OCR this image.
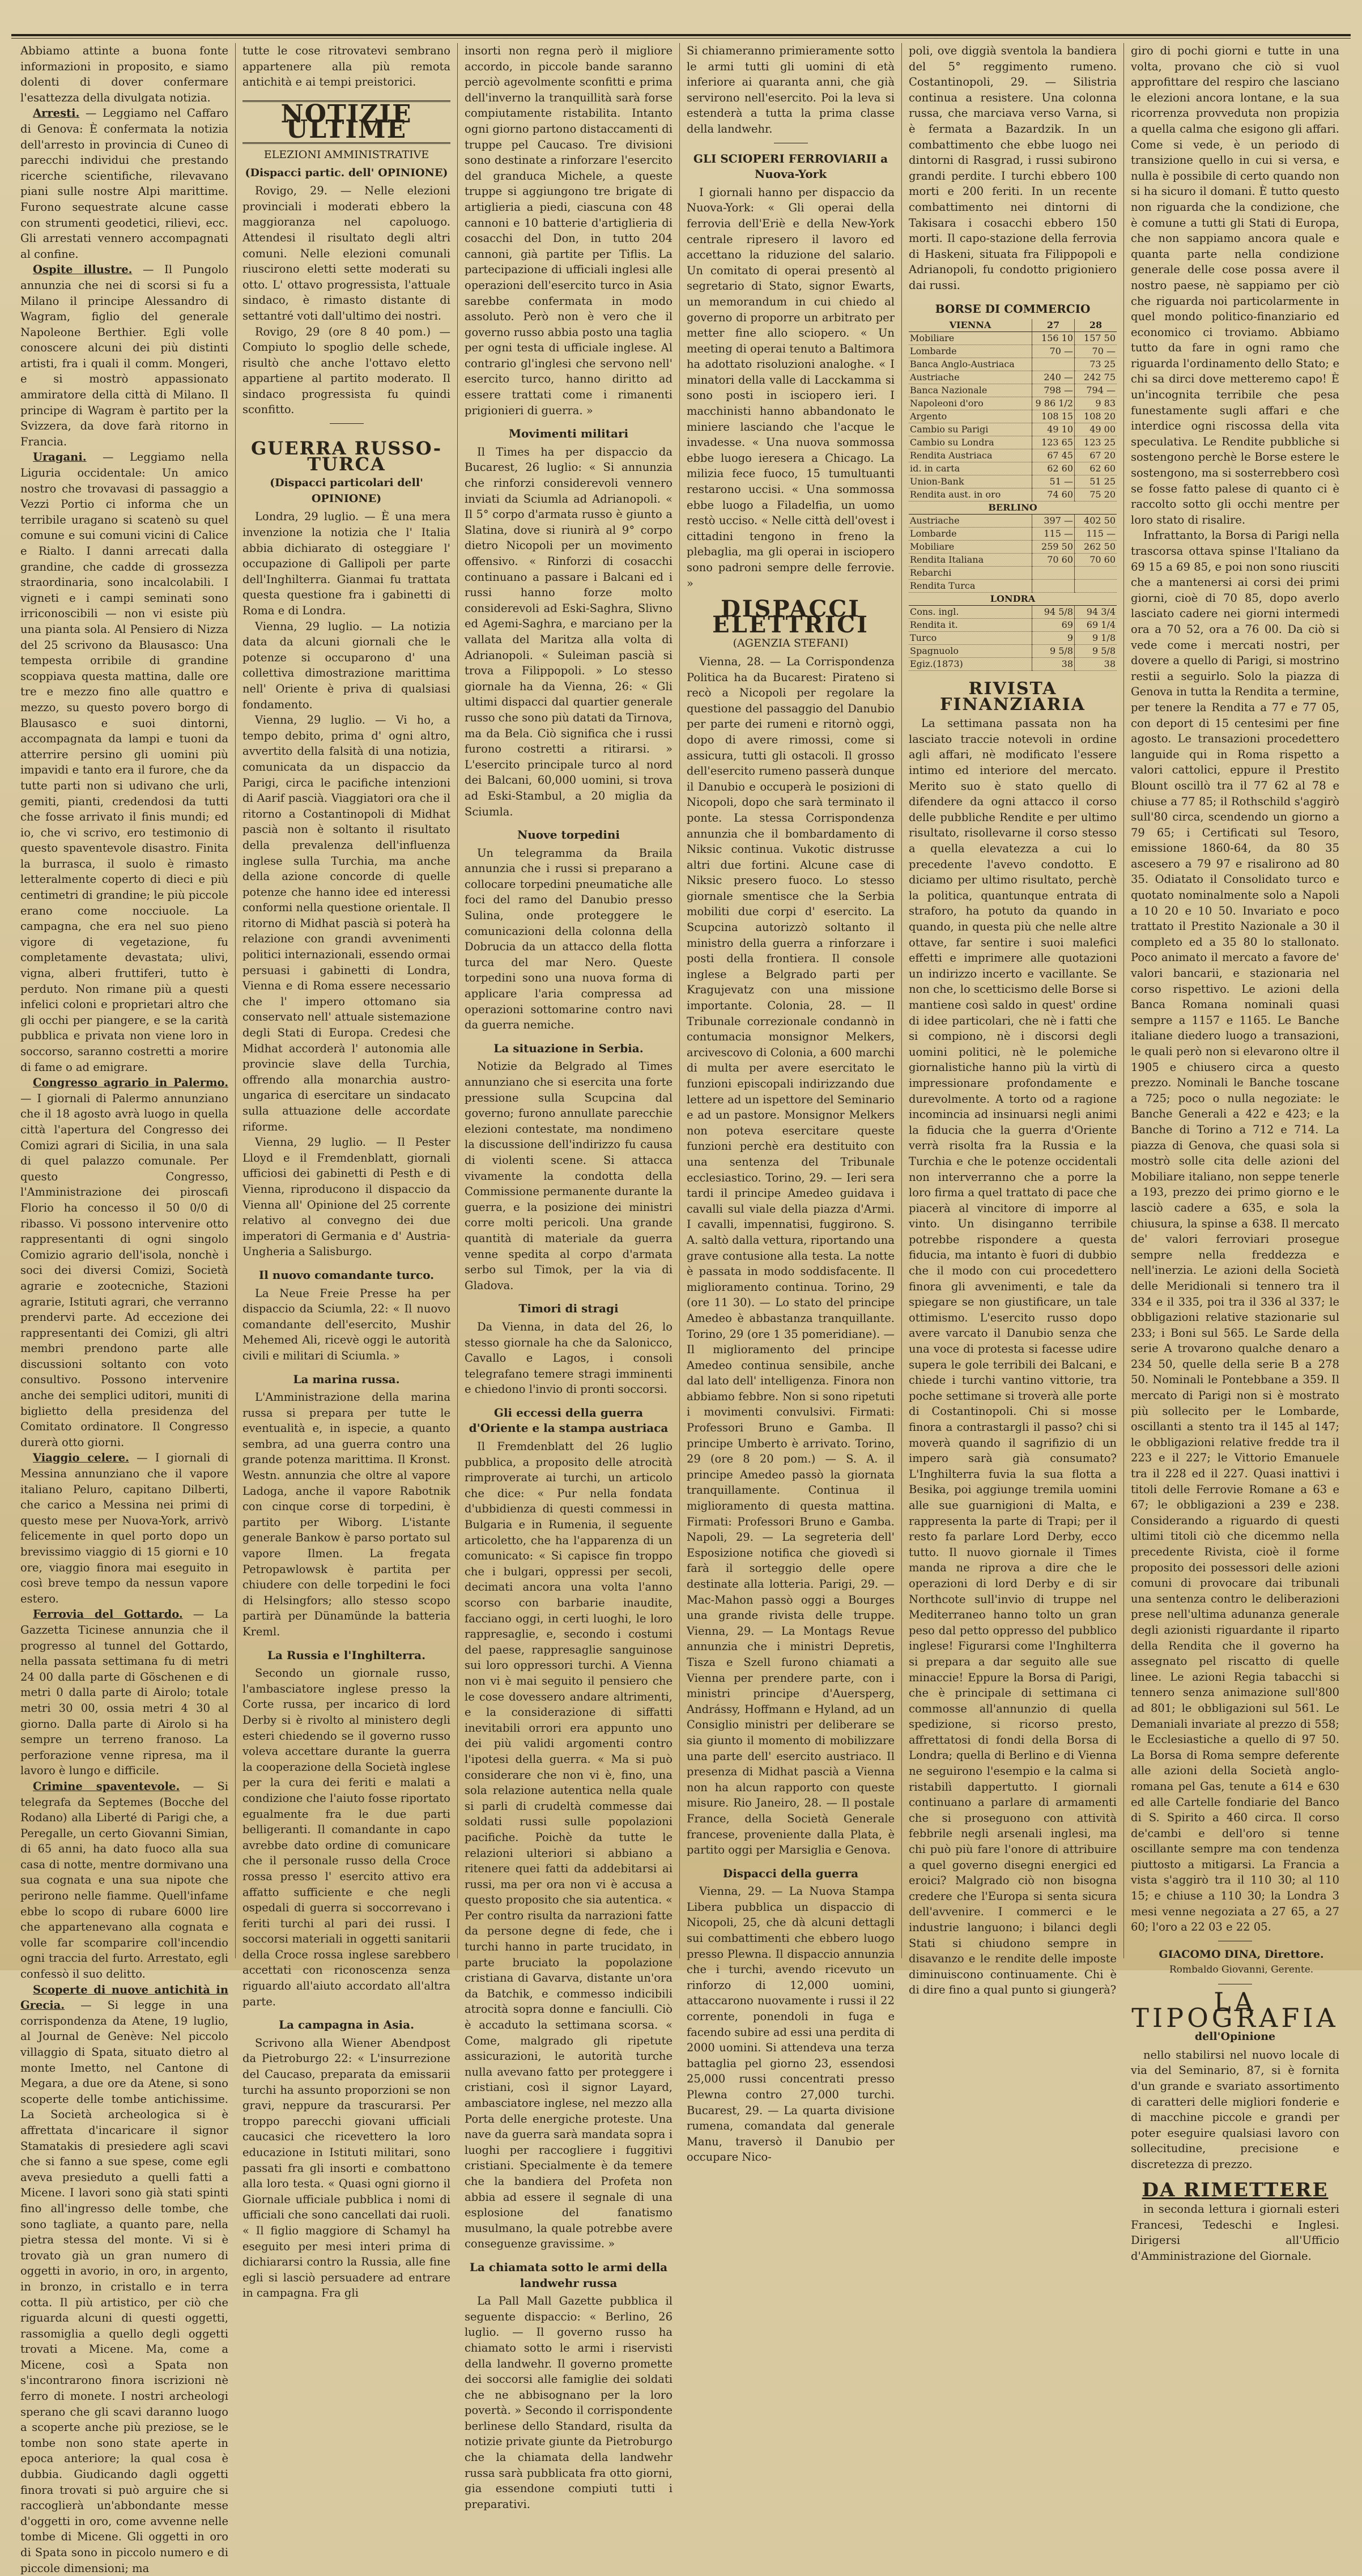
Abbiamo attinte a buona fonte informazioni in proposito, e siamo dolenti di dover confermare l'esattezza della divulgata notizia.

Arresti. — Leggiamo nel Caffaro di Genova: È confermata la notizia dell'arresto in provincia di Cuneo di parecchi individui che prestando ricerche scientifiche, rilevavano piani sulle nostre Alpi marittime. Furono sequestrate alcune casse con strumenti geodetici, rilievi, ecc. Gli arrestati vennero accompagnati al confine.

Ospite illustre. — Il Pungolo annunzia che nei di scorsi si fu a Milano il principe Alessandro di Wagram, figlio del generale Napoleone Berthier. Egli volle conoscere alcuni dei più distinti artisti, fra i quali il comm. Mongeri, e si mostrò appassionato ammiratore della città di Milano. Il principe di Wagram è partito per la Svizzera, da dove farà ritorno in Francia.

Uragani. — Leggiamo nella Liguria occidentale: Un amico nostro che trovavasi di passaggio a Vezzi Portio ci informa che un terribile uragano si scatenò su quel comune e sui comuni vicini di Calice e Rialto. I danni arrecati dalla grandine, che cadde di grossezza straordinaria, sono incalcolabili. I vigneti e i campi seminati sono irriconoscibili — non vi esiste più una pianta sola. Al Pensiero di Nizza del 25 scrivono da Blausasco: Una tempesta orribile di grandine scoppiava questa mattina, dalle ore tre e mezzo fino alle quattro e mezzo, su questo povero borgo di Blausasco e suoi dintorni, accompagnata da lampi e tuoni da atterrire persino gli uomini più impavidi e tanto era il furore, che da tutte parti non si udivano che urli, gemiti, pianti, credendosi da tutti che fosse arrivato il finis mundi; ed io, che vi scrivo, ero testimonio di questo spaventevole disastro. Finita la burrasca, il suolo è rimasto letteralmente coperto di dieci e più centimetri di grandine; le più piccole erano come nocciuole. La campagna, che era nel suo pieno vigore di vegetazione, fu completamente devastata; ulivi, vigna, alberi fruttiferi, tutto è perduto. Non rimane più a questi infelici coloni e proprietari altro che gli occhi per piangere, e se la carità pubblica e privata non viene loro in soccorso, saranno costretti a morire di fame o ad emigrare.

Congresso agrario in Palermo. — I giornali di Palermo annunziano che il 18 agosto avrà luogo in quella città l'apertura del Congresso dei Comizi agrari di Sicilia, in una sala di quel palazzo comunale. Per questo Congresso, l'Amministrazione dei piroscafi Florio ha concesso il 50 0/0 di ribasso. Vi possono intervenire otto rappresentanti di ogni singolo Comizio agrario dell'isola, nonchè i soci dei diversi Comizi, Società agrarie e zootecniche, Stazioni agrarie, Istituti agrari, che verranno prendervi parte. Ad eccezione dei rappresentanti dei Comizi, gli altri membri prendono parte alle discussioni soltanto con voto consultivo. Possono intervenire anche dei semplici uditori, muniti di biglietto della presidenza del Comitato ordinatore. Il Congresso durerà otto giorni.

Viaggio celere. — I giornali di Messina annunziano che il vapore italiano Peluro, capitano Dilberti, che carico a Messina nei primi di questo mese per Nuova-York, arrivò felicemente in quel porto dopo un brevissimo viaggio di 15 giorni e 10 ore, viaggio finora mai eseguito in così breve tempo da nessun vapore estero.

Ferrovia del Gottardo. — La Gazzetta Ticinese annunzia che il progresso al tunnel del Gottardo, nella passata settimana fu di metri 24 00 dalla parte di Göschenen e di metri 0 dalla parte di Airolo; totale metri 30 00, ossia metri 4 30 al giorno. Dalla parte di Airolo si ha sempre un terreno franoso. La perforazione venne ripresa, ma il lavoro è lungo e difficile.

Crimine spaventevole. — Si telegrafa da Septemes (Bocche del Rodano) alla Liberté di Parigi che, a Peregalle, un certo Giovanni Simian, di 65 anni, ha dato fuoco alla sua casa di notte, mentre dormivano una sua cognata e una sua nipote che perirono nelle fiamme. Quell'infame ebbe lo scopo di rubare 6000 lire che appartenevano alla cognata e volle far scomparire coll'incendio ogni traccia del furto. Arrestato, egli confessò il suo delitto.

Scoperte di nuove antichità in Grecia. — Si legge in una corrispondenza da Atene, 19 luglio, al Journal de Genève: Nel piccolo villaggio di Spata, situato dietro al monte Imetto, nel Cantone di Megara, a due ore da Atene, si sono scoperte delle tombe antichissime. La Società archeologica si è affrettata d'incaricare il signor Stamatakis di presiedere agli scavi che si fanno a sue spese, come egli aveva presieduto a quelli fatti a Micene. I lavori sono già stati spinti fino all'ingresso delle tombe, che sono tagliate, a quanto pare, nella pietra stessa del monte. Vi si è trovato già un gran numero di oggetti in avorio, in oro, in argento, in bronzo, in cristallo e in terra cotta. Il più artistico, per ciò che riguarda alcuni di questi oggetti, rassomiglia a quello degli oggetti trovati a Micene. Ma, come a Micene, così a Spata non s'incontrarono finora iscrizioni nè ferro di monete. I nostri archeologi sperano che gli scavi daranno luogo a scoperte anche più preziose, se le tombe non sono state aperte in epoca anteriore; la qual cosa è dubbia. Giudicando dagli oggetti finora trovati si può arguire che si raccoglierà un'abbondante messe d'oggetti in oro, come avvenne nelle tombe di Micene. Gli oggetti in oro di Spata sono in piccolo numero e di piccole dimensioni; ma

tutte le cose ritrovatevi sembrano appartenere alla più remota antichità e ai tempi preistorici.

NOTIZIE ULTIME
ELEZIONI AMMINISTRATIVE
(Dispacci partic. dell' OPINIONE)

Rovigo, 29. — Nelle elezioni provinciali i moderati ebbero la maggioranza nel capoluogo. Attendesi il risultato degli altri comuni. Nelle elezioni comunali riuscirono eletti sette moderati su otto. L' ottavo progressista, l'attuale sindaco, è rimasto distante di settantré voti dall'ultimo dei nostri.

Rovigo, 29 (ore 8 40 pom.) — Compiuto lo spoglio delle schede, risultò che anche l'ottavo eletto appartiene al partito moderato. Il sindaco progressista fu quindi sconfitto.

GUERRA RUSSO-TURCA
(Dispacci particolari dell' OPINIONE)

Londra, 29 luglio. — È una mera invenzione la notizia che l' Italia abbia dichiarato di osteggiare l' occupazione di Gallipoli per parte dell'Inghilterra. Gianmai fu trattata questa questione fra i gabinetti di Roma e di Londra.

Vienna, 29 luglio. — La notizia data da alcuni giornali che le potenze si occuparono d' una collettiva dimostrazione marittima nell' Oriente è priva di qualsiasi fondamento.

Vienna, 29 luglio. — Vi ho, a tempo debito, prima d' ogni altro, avvertito della falsità di una notizia, comunicata da un dispaccio da Parigi, circa le pacifiche intenzioni di Aarif pascià. Viaggiatori ora che il ritorno a Costantinopoli di Midhat pascià non è soltanto il risultato della prevalenza dell'influenza inglese sulla Turchia, ma anche della azione concorde di quelle potenze che hanno idee ed interessi conformi nella questione orientale. Il ritorno di Midhat pascià si poterà ha relazione con grandi avvenimenti politici internazionali, essendo ormai persuasi i gabinetti di Londra, Vienna e di Roma essere necessario che l' impero ottomano sia conservato nell' attuale sistemazione degli Stati di Europa. Credesi che Midhat accorderà l' autonomia alle provincie slave della Turchia, offrendo alla monarchia austro-ungarica di esercitare un sindacato sulla attuazione delle accordate riforme.

Vienna, 29 luglio. — Il Pester Lloyd e il Fremdenblatt, giornali ufficiosi dei gabinetti di Pesth e di Vienna, riproducono il dispaccio da Vienna all' Opinione del 25 corrente relativo al convegno dei due imperatori di Germania e d' Austria-Ungheria a Salisburgo.

Il nuovo comandante turco.

La Neue Freie Presse ha per dispaccio da Sciumla, 22: « Il nuovo comandante dell'esercito, Mushir Mehemed Ali, ricevè oggi le autorità civili e militari di Sciumla. »

La marina russa.

L'Amministrazione della marina russa si prepara per tutte le eventualità e, in ispecie, a quanto sembra, ad una guerra contro una grande potenza marittima. Il Kronst. Westn. annunzia che oltre al vapore Ladoga, anche il vapore Rabotnik con cinque corse di torpedini, è partito per Wiborg. L'istante generale Bankow è parso portato sul vapore Ilmen. La fregata Petropawlowsk è partita per chiudere con delle torpedini le foci di Helsingfors; allo stesso scopo partirà per Dünamünde la batteria Kreml.

La Russia e l'Inghilterra.

Secondo un giornale russo, l'ambasciatore inglese presso la Corte russa, per incarico di lord Derby si è rivolto al ministero degli esteri chiedendo se il governo russo voleva accettare durante la guerra la cooperazione della Società inglese per la cura dei feriti e malati a condizione che l'aiuto fosse riportato egualmente fra le due parti belligeranti. Il comandante in capo avrebbe dato ordine di comunicare che il personale russo della Croce rossa presso l' esercito attivo era affatto sufficiente e che negli ospedali di guerra si soccorrevano i feriti turchi al pari dei russi. I soccorsi materiali in oggetti sanitarii della Croce rossa inglese sarebbero accettati con riconoscenza senza riguardo all'aiuto accordato all'altra parte.

La campagna in Asia.

Scrivono alla Wiener Abendpost da Pietroburgo 22: « L'insurrezione del Caucaso, preparata da emissarii turchi ha assunto proporzioni se non gravi, neppure da trascurarsi. Per troppo parecchi giovani ufficiali caucasici che ricevettero la loro educazione in Istituti militari, sono passati fra gli insorti e combattono alla loro testa. « Quasi ogni giorno il Giornale ufficiale pubblica i nomi di ufficiali che sono cancellati dai ruoli. « Il figlio maggiore di Schamyl ha eseguito per mesi interi prima di dichiararsi contro la Russia, alle fine egli si lasciò persuadere ad entrare in campagna. Fra gli

insorti non regna però il migliore accordo, in piccole bande saranno perciò agevolmente sconfitti e prima dell'inverno la tranquillità sarà forse compiutamente ristabilita. Intanto ogni giorno partono distaccamenti di truppe pel Caucaso. Tre divisioni sono destinate a rinforzare l'esercito del granduca Michele, a queste truppe si aggiungono tre brigate di artiglieria a piedi, ciascuna con 48 cannoni e 10 batterie d'artiglieria di cosacchi del Don, in tutto 204 cannoni, già partite per Tiflis. La partecipazione di ufficiali inglesi alle operazioni dell'esercito turco in Asia sarebbe confermata in modo assoluto. Però non è vero che il governo russo abbia posto una taglia per ogni testa di ufficiale inglese. Al contrario gl'inglesi che servono nell' esercito turco, hanno diritto ad essere trattati come i rimanenti prigionieri di guerra. »

Movimenti militari

Il Times ha per dispaccio da Bucarest, 26 luglio: « Si annunzia che rinforzi considerevoli vennero inviati da Sciumla ad Adrianopoli. « Il 5° corpo d'armata russo è giunto a Slatina, dove si riunirà al 9° corpo dietro Nicopoli per un movimento offensivo. « Rinforzi di cosacchi continuano a passare i Balcani ed i russi hanno forze molto considerevoli ad Eski-Saghra, Slivno ed Agemi-Saghra, e marciano per la vallata del Maritza alla volta di Adrianopoli. « Suleiman pascià si trova a Filippopoli. » Lo stesso giornale ha da Vienna, 26: « Gli ultimi dispacci dal quartier generale russo che sono più datati da Tirnova, ma da Bela. Ciò significa che i russi furono costretti a ritirarsi. » L'esercito principale turco al nord dei Balcani, 60,000 uomini, si trova ad Eski-Stambul, a 20 miglia da Sciumla.

Nuove torpedini

Un telegramma da Braila annunzia che i russi si preparano a collocare torpedini pneumatiche alle foci del ramo del Danubio presso Sulina, onde proteggere le comunicazioni della colonna della Dobrucia da un attacco della flotta turca del mar Nero. Queste torpedini sono una nuova forma di applicare l'aria compressa ad operazioni sottomarine contro navi da guerra nemiche.

La situazione in Serbia.

Notizie da Belgrado al Times annunziano che si esercita una forte pressione sulla Scupcina dal governo; furono annullate parecchie elezioni contestate, ma nondimeno la discussione dell'indirizzo fu causa di violenti scene. Si attacca vivamente la condotta della Commissione permanente durante la guerra, e la posizione dei ministri corre molti pericoli. Una grande quantità di materiale da guerra venne spedita al corpo d'armata serbo sul Timok, per la via di Gladova.

Timori di stragi

Da Vienna, in data del 26, lo stesso giornale ha che da Salonicco, Cavallo e Lagos, i consoli telegrafano temere stragi imminenti e chiedono l'invio di pronti soccorsi.

Gli eccessi della guerra d'Oriente e la stampa austriaca

Il Fremdenblatt del 26 luglio pubblica, a proposito delle atrocità rimproverate ai turchi, un articolo che dice: « Pur nella fondata d'ubbidienza di questi commessi in Bulgaria e in Rumenia, il seguente articoletto, che ha l'apparenza di un comunicato: « Si capisce fin troppo che i bulgari, oppressi per secoli, decimati ancora una volta l'anno scorso con barbarie inaudite, facciano oggi, in certi luoghi, le loro rappresaglie, e, secondo i costumi del paese, rappresaglie sanguinose sui loro oppressori turchi. A Vienna non vi è mai seguito il pensiero che le cose dovessero andare altrimenti, e la considerazione di siffatti inevitabili orrori era appunto uno dei più validi argomenti contro l'ipotesi della guerra. « Ma si può considerare che non vi è, fino, una sola relazione autentica nella quale si parli di crudeltà commesse dai soldati russi sulle popolazioni pacifiche. Poichè da tutte le relazioni ulteriori si abbiano a ritenere quei fatti da addebitarsi ai russi, ma per ora non vi è accusa a questo proposito che sia autentica. « Per contro risulta da narrazioni fatte da persone degne di fede, che i turchi hanno in parte trucidato, in parte bruciato la popolazione cristiana di Gavarva, distante un'ora da Batchik, e commesso indicibili atrocità sopra donne e fanciulli. Ciò è accaduto la settimana scorsa. « Come, malgrado gli ripetute assicurazioni, le autorità turche nulla avevano fatto per proteggere i cristiani, così il signor Layard, ambasciatore inglese, nel mezzo alla Porta delle energiche proteste. Una nave da guerra sarà mandata sopra i luoghi per raccogliere i fuggitivi cristiani. Specialmente è da temere che la bandiera del Profeta non abbia ad essere il segnale di una esplosione del fanatismo musulmano, la quale potrebbe avere conseguenze gravissime. »

La chiamata sotto le armi della landwehr russa

La Pall Mall Gazette pubblica il seguente dispaccio: « Berlino, 26 luglio. — Il governo russo ha chiamato sotto le armi i riservisti della landwehr. Il governo promette dei soccorsi alle famiglie dei soldati che ne abbisognano per la loro povertà. » Secondo il corrispondente berlinese dello Standard, risulta da notizie private giunte da Pietroburgo che la chiamata della landwehr russa sarà pubblicata fra otto giorni, gia essendone compiuti tutti i preparativi.

Si chiameranno primieramente sotto le armi tutti gli uomini di età inferiore ai quaranta anni, che già servirono nell'esercito. Poi la leva si estenderà a tutta la prima classe della landwehr.

GLI SCIOPERI FERROVIARII a Nuova-York

I giornali hanno per dispaccio da Nuova-York: « Gli operai della ferrovia dell'Eriè e della New-York centrale ripresero il lavoro ed accettano la riduzione del salario. Un comitato di operai presentò al segretario di Stato, signor Ewarts, un memorandum in cui chiedo al governo di proporre un arbitrato per metter fine allo sciopero. « Un meeting di operai tenuto a Baltimora ha adottato risoluzioni analoghe. « I minatori della valle di Lacckamma si sono posti in isciopero ieri. I macchinisti hanno abbandonato le miniere lasciando che l'acque le invadesse. « Una nuova sommossa ebbe luogo ieresera a Chicago. La milizia fece fuoco, 15 tumultuanti restarono uccisi. « Una sommossa ebbe luogo a Filadelfia, un uomo restò ucciso. « Nelle città dell'ovest i cittadini tengono in freno la plebaglia, ma gli operai in isciopero sono padroni sempre delle ferrovie. »

DISPACCI ELETTRICI
(AGENZIA STEFANI)

Vienna, 28. — La Corrispondenza Politica ha da Bucarest: Pirateno si recò a Nicopoli per regolare la questione del passaggio del Danubio per parte dei rumeni e ritornò oggi, dopo di avere rimossi, come si assicura, tutti gli ostacoli. Il grosso dell'esercito rumeno passerà dunque il Danubio e occuperà le posizioni di Nicopoli, dopo che sarà terminato il ponte. La stessa Corrispondenza annunzia che il bombardamento di Niksic continua. Vukotic distrusse altri due fortini. Alcune case di Niksic presero fuoco. Lo stesso giornale smentisce che la Serbia mobiliti due corpi d' esercito. La Scupcina autorizzò soltanto il ministro della guerra a rinforzare i posti della frontiera. Il console inglese a Belgrado parti per Kragujevatz con una missione importante. Colonia, 28. — Il Tribunale correzionale condannò in contumacia monsignor Melkers, arcivescovo di Colonia, a 600 marchi di multa per avere esercitato le funzioni episcopali indirizzando due lettere ad un ispettore del Seminario e ad un pastore. Monsignor Melkers non poteva esercitare queste funzioni perchè era destituito con una sentenza del Tribunale ecclesiastico. Torino, 29. — Ieri sera tardi il principe Amedeo guidava i cavalli sul viale della piazza d'Armi. I cavalli, impennatisi, fuggirono. S. A. saltò dalla vettura, riportando una grave contusione alla testa. La notte è passata in modo soddisfacente. Il miglioramento continua. Torino, 29 (ore 11 30). — Lo stato del principe Amedeo è abbastanza tranquillante. Torino, 29 (ore 1 35 pomeridiane). — Il miglioramento del principe Amedeo continua sensibile, anche dal lato dell' intelligenza. Finora non abbiamo febbre. Non si sono ripetuti i movimenti convulsivi. Firmati: Professori Bruno e Gamba. Il principe Umberto è arrivato. Torino, 29 (ore 8 20 pom.) — S. A. il principe Amedeo passò la giornata tranquillamente. Continua il miglioramento di questa mattina. Firmati: Professori Bruno e Gamba. Napoli, 29. — La segreteria dell' Esposizione notifica che giovedì si farà il sorteggio delle opere destinate alla lotteria. Parigi, 29. — Mac-Mahon passò oggi a Bourges una grande rivista delle truppe. Vienna, 29. — La Montags Revue annunzia che i ministri Depretis, Tisza e Szell furono chiamati a Vienna per prendere parte, con i ministri principe d'Auersperg, Andrássy, Hoffmann e Hyland, ad un Consiglio ministri per deliberare se sia giunto il momento di mobilizzare una parte dell' esercito austriaco. Il presenza di Midhat pascià a Vienna non ha alcun rapporto con queste misure. Rio Janeiro, 28. — Il postale France, della Società Generale francese, proveniente dalla Plata, è partito oggi per Marsiglia e Genova.

Dispacci della guerra

Vienna, 29. — La Nuova Stampa Libera pubblica un dispaccio di Nicopoli, 25, che dà alcuni dettagli sui combattimenti che ebbero luogo presso Plewna. Il dispaccio annunzia che i turchi, avendo ricevuto un rinforzo di 12,000 uomini, attaccarono nuovamente i russi il 22 corrente, ponendoli in fuga e facendo subire ad essi una perdita di 2000 uomini. Si attendeva una terza battaglia pel giorno 23, essendosi 25,000 russi concentrati presso Plewna contro 27,000 turchi. Bucarest, 29. — La quarta divisione rumena, comandata dal generale Manu, traversò il Danubio per occupare Nico-

poli, ove diggià sventola la bandiera del 5° reggimento rumeno. Costantinopoli, 29. — Silistria continua a resistere. Una colonna russa, che marciava verso Varna, si è fermata a Bazardzik. In un combattimento che ebbe luogo nei dintorni di Rasgrad, i russi subirono grandi perdite. I turchi ebbero 100 morti e 200 feriti. In un recente combattimento nei dintorni di Takisara i cosacchi ebbero 150 morti. Il capo-stazione della ferrovia di Haskeni, situata fra Filippopoli e Adrianopoli, fu condotto prigioniero dai russi.

BORSE DI COMMERCIO
VIENNA	27	28
Mobiliare	156 10	157 50
Lombarde	70 —	70 —
Banca Anglo-Austriaca		73 25
Austriache	240 —	242 75
Banca Nazionale	798 —	794 —
Napoleoni d'oro	9 86 1/2	9 83
Argento	108 15	108 20
Cambio su Parigi	49 10	49 00
Cambio su Londra	123 65	123 25
Rendita Austriaca	67 45	67 20
id. in carta	62 60	62 60
Union-Bank	51 —	51 25
Rendita aust. in oro	74 60	75 20
BERLINO		
Austriache	397 —	402 50
Lombarde	115 —	115 —
Mobiliare	259 50	262 50
Rendita Italiana	70 60	70 60
Rebarchi		
Rendita Turca		
LONDRA		
Cons. ingl.	94 5/8	94 3/4
Rendita it.	69	69 1/4
Turco	9	9 1/8
Spagnuolo	9 5/8	9 5/8
Egiz.(1873)	38	38
RIVISTA FINANZIARIA

La settimana passata non ha lasciato traccie notevoli in ordine agli affari, nè modificato l'essere intimo ed interiore del mercato. Merito suo è stato quello di difendere da ogni attacco il corso delle pubbliche Rendite e per ultimo risultato, risollevarne il corso stesso a quella elevatezza a cui lo precedente l'avevo condotto. E diciamo per ultimo risultato, perchè la politica, quantunque entrata di straforo, ha potuto da quando in quando, in questa più che nelle altre ottave, far sentire i suoi malefici effetti e imprimere alle quotazioni un indirizzo incerto e vacillante. Se non che, lo scetticismo delle Borse si mantiene così saldo in quest' ordine di idee particolari, che nè i fatti che si compiono, nè i discorsi degli uomini politici, nè le polemiche giornalistiche hanno più la virtù di impressionare profondamente e durevolmente. A torto od a ragione incomincia ad insinuarsi negli animi la fiducia che la guerra d'Oriente verrà risolta fra la Russia e la Turchia e che le potenze occidentali non interverranno che a porre la loro firma a quel trattato di pace che piacerà al vincitore di imporre al vinto. Un disinganno terribile potrebbe rispondere a questa fiducia, ma intanto è fuori di dubbio che il modo con cui procedettero finora gli avvenimenti, e tale da spiegare se non giustificare, un tale ottimismo. L'esercito russo dopo avere varcato il Danubio senza che una voce di protesta si facesse udire supera le gole terribili dei Balcani, e chiede i turchi vantino vittorie, tra poche settimane si troverà alle porte di Costantinopoli. Chi si mosse finora a contrastargli il passo? chi si moverà quando il sagrifizio di un impero sarà già consumato? L'Inghilterra fuvia la sua flotta a Besika, poi aggiunge tremila uomini alle sue guarnigioni di Malta, e rappresenta la parte di Trapi; per il resto fa parlare Lord Derby, ecco tutto. Il nuovo giornale il Times manda ne riprova a dire che le operazioni di lord Derby e di sir Northcote sull'invio di truppe nel Mediterraneo hanno tolto un gran peso dal petto oppresso del pubblico inglese! Figurarsi come l'Inghilterra si prepara a dar seguito alle sue minaccie! Eppure la Borsa di Parigi, che è principale di settimana ci commosse all'annunzio di quella spedizione, si ricorso presto, affrettatosi di fondi della Borsa di Londra; quella di Berlino e di Vienna ne seguirono l'esempio e la calma si ristabilì dappertutto. I giornali continuano a parlare di armamenti che si proseguono con attività febbrile negli arsenali inglesi, ma chi può più fare l'onore di attribuire a quel governo disegni energici ed eroici? Malgrado ciò non bisogna credere che l'Europa si senta sicura dell'avvenire. I commerci e le industrie languono; i bilanci degli Stati si chiudono sempre in disavanzo e le rendite delle imposte diminuiscono continuamente. Chi è di dire fino a qual punto si giungerà?

giro di pochi giorni e tutte in una volta, provano che ciò si vuol approfittare del respiro che lasciano le elezioni ancora lontane, e la sua ricorrenza provveduta non propizia a quella calma che esigono gli affari. Come si vede, è un periodo di transizione quello in cui si versa, e nulla è possibile di certo quando non si ha sicuro il domani. È tutto questo non riguarda che la condizione, che è comune a tutti gli Stati di Europa, che non sappiamo ancora quale e quanta parte nella condizione generale delle cose possa avere il nostro paese, nè sappiamo per ciò che riguarda noi particolarmente in quel mondo politico-finanziario ed economico ci troviamo. Abbiamo tutto da fare in ogni ramo che riguarda l'ordinamento dello Stato; e chi sa dirci dove metteremo capo! È un'incognita terribile che pesa funestamente sugli affari e che interdice ogni riscossa della vita speculativa. Le Rendite pubbliche si sostengono perchè le Borse estere le sostengono, ma si sosterrebbero così se fosse fatto palese di quanto ci è raccolto sotto gli occhi mentre per loro stato di risalire.

Infrattanto, la Borsa di Parigi nella trascorsa ottava spinse l'Italiano da 69 15 a 69 85, e poi non sono riusciti che a mantenersi ai corsi dei primi giorni, cioè di 70 85, dopo averlo lasciato cadere nei giorni intermedi ora a 70 52, ora a 76 00. Da ciò si vede come i mercati nostri, per dovere a quello di Parigi, si mostrino restii a seguirlo. Solo la piazza di Genova in tutta la Rendita a termine, per tenere la Rendita a 77 e 77 05, con deport di 15 centesimi per fine agosto. Le transazioni procedettero languide qui in Roma rispetto a valori cattolici, eppure il Prestito Blount oscillò tra il 77 62 al 78 e chiuse a 77 85; il Rothschild s'aggirò sull'80 circa, scendendo un giorno a 79 65; i Certificati sul Tesoro, emissione 1860-64, da 80 35 ascesero a 79 97 e risalirono ad 80 35. Odiatato il Consolidato turco e quotato nominalmente solo a Napoli a 10 20 e 10 50. Invariato e poco trattato il Prestito Nazionale a 30 il completo ed a 35 80 lo stallonato. Poco animato il mercato a favore de' valori bancarii, e stazionaria nel corso rispettivo. Le azioni della Banca Romana nominali quasi sempre a 1157 e 1165. Le Banche italiane diedero luogo a transazioni, le quali però non si elevarono oltre il 1905 e chiusero circa a questo prezzo. Nominali le Banche toscane a 725; poco o nulla negoziate: le Banche Generali a 422 e 423; e la Banche di Torino a 712 e 714. La piazza di Genova, che quasi sola si mostrò solle cita delle azioni del Mobiliare italiano, non seppe tenerle a 193, prezzo dei primo giorno e le lasciò cadere a 635, e sola la chiusura, la spinse a 638. Il mercato de' valori ferroviari prosegue sempre nella freddezza e nell'inerzia. Le azioni della Società delle Meridionali si tennero tra il 334 e il 335, poi tra il 336 al 337; le obbligazioni relative stazionarie sul 233; i Boni sul 565. Le Sarde della serie A trovarono qualche denaro a 234 50, quelle della serie B a 278 50. Nominali le Pontebbane a 359. Il mercato di Parigi non si è mostrato più sollecito per le Lombarde, oscillanti a stento tra il 145 al 147; le obbligazioni relative fredde tra il 223 e il 227; le Vittorio Emanuele tra il 228 ed il 227. Quasi inattivi i titoli delle Ferrovie Romane a 63 e 67; le obbligazioni a 239 e 238. Considerando a riguardo di questi ultimi titoli ciò che dicemmo nella precedente Rivista, cioè il forme proposito dei possessori delle azioni comuni di provocare dai tribunali una sentenza contro le deliberazioni prese nell'ultima adunanza generale degli azionisti riguardante il riparto della Rendita che il governo ha assegnato pel riscatto di quelle linee. Le azioni Regia tabacchi si tennero senza animazione sull'800 ad 801; le obbligazioni sul 561. Le Demaniali invariate al prezzo di 558; le Ecclesiastiche a quello di 97 50. La Borsa di Roma sempre deferente alle azioni della Società anglo-romana pel Gas, tenute a 614 e 630 ed alle Cartelle fondiarie del Banco di S. Spirito a 460 circa. Il corso de'cambi e dell'oro si tenne oscillante sempre ma con tendenza piuttosto a mitigarsi. La Francia a vista s'aggirò tra il 110 30; al 110 15; e chiuse a 110 30; la Londra 3 mesi venne negoziata a 27 65, a 27 60; l'oro a 22 03 e 22 05.

GIACOMO DINA, Direttore.

Rombaldo Giovanni, Gerente.

LA TIPOGRAFIA
dell'Opinione

nello stabilirsi nel nuovo locale di via del Seminario, 87, si è fornita d'un grande e svariato assortimento di caratteri delle migliori fonderie e di macchine piccole e grandi per poter eseguire qualsiasi lavoro con sollecitudine, precisione e discretezza di prezzo.

DA RIMETTERE

in seconda lettura i giornali esteri Francesi, Tedeschi e Inglesi. Dirigersi all'Ufficio d'Amministrazione del Giornale.
